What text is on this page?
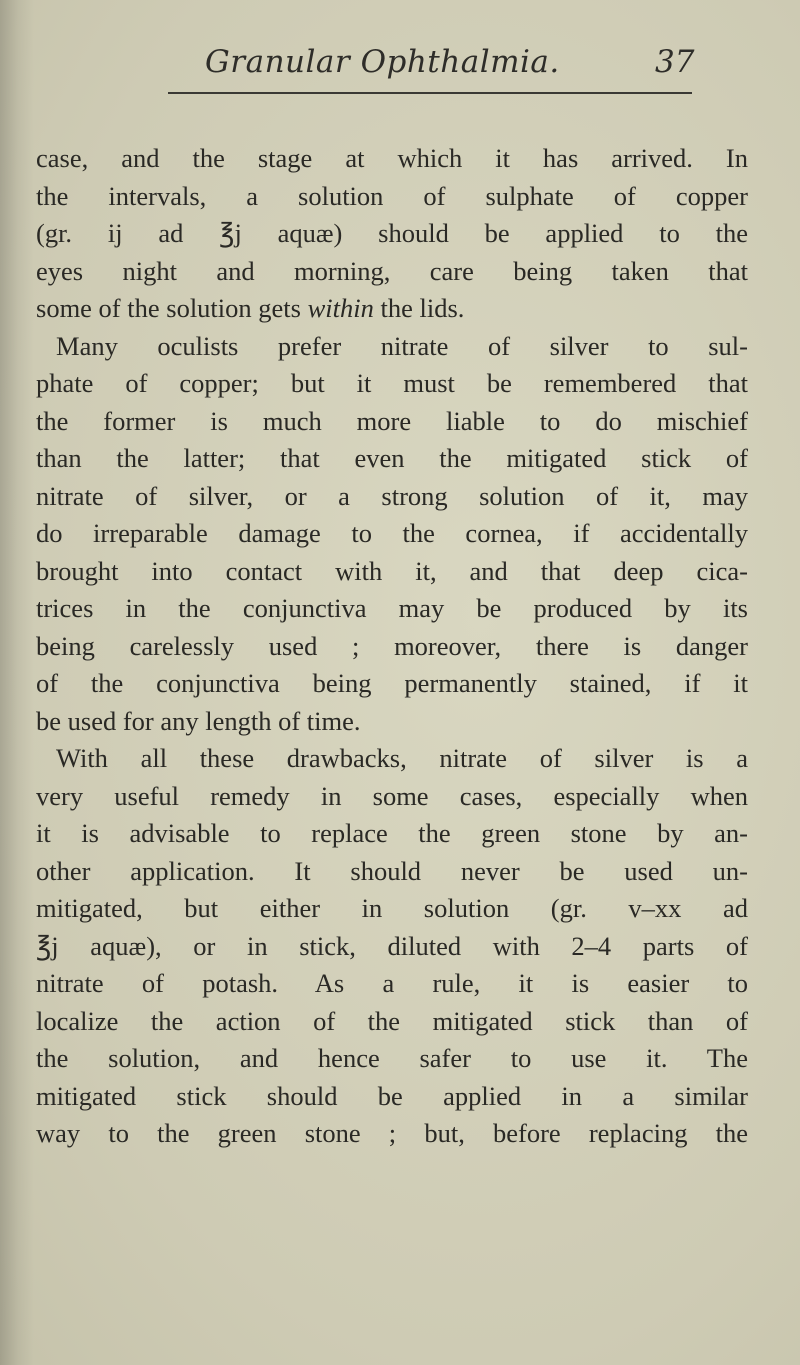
Granular Ophthalmia.	37
case, and the stage at which it has arrived. In
the intervals, a solution of sulphate of copper
(gr. ij ad ℥j aquæ) should be applied to the
eyes night and morning, care being taken that
some of the solution gets within the lids.
Many oculists prefer nitrate of silver to sul-
phate of copper; but it must be remembered that
the former is much more liable to do mischief
than the latter; that even the mitigated stick of
nitrate of silver, or a strong solution of it, may
do irreparable damage to the cornea, if accidentally
brought into contact with it, and that deep cica-
trices in the conjunctiva may be produced by its
being carelessly used ; moreover, there is danger
of the conjunctiva being permanently stained, if it
be used for any length of time.
With all these drawbacks, nitrate of silver is a
very useful remedy in some cases, especially when
it is advisable to replace the green stone by an-
other application. It should never be used un-
mitigated, but either in solution (gr. v–xx ad
℥j aquæ), or in stick, diluted with 2–4 parts of
nitrate of potash. As a rule, it is easier to
localize the action of the mitigated stick than of
the solution, and hence safer to use it. The
mitigated stick should be applied in a similar
way to the green stone ; but, before replacing the
